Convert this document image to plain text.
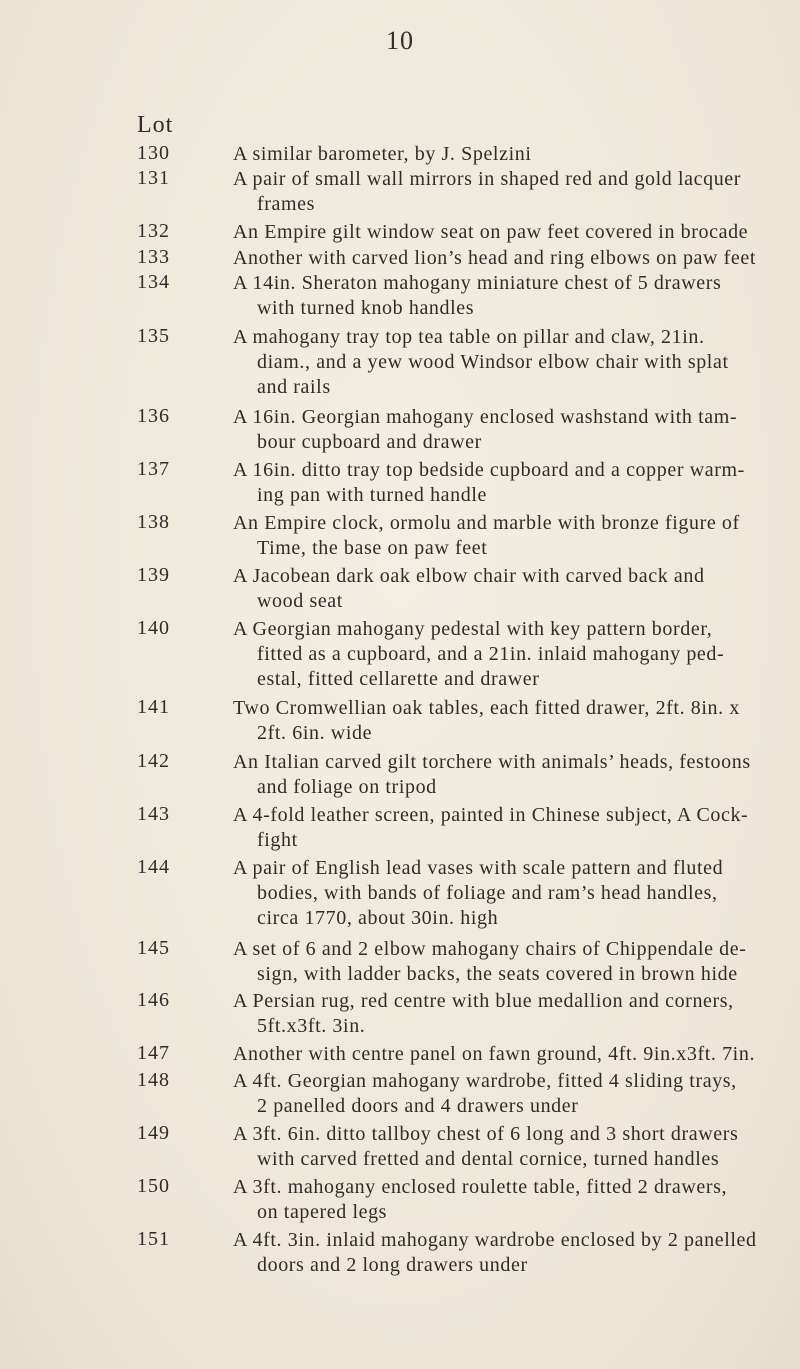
10
Lot
130	A similar barometer, by J. Spelzini
131	A pair of small wall mirrors in shaped red and gold lacquer
frames
132	An Empire gilt window seat on paw feet covered in brocade
133	Another with carved lion’s head and ring elbows on paw feet
134	A 14in. Sheraton mahogany miniature chest of 5 drawers
with turned knob handles
135	A mahogany tray top tea table on pillar and claw, 21in.
diam., and a yew wood Windsor elbow chair with splat
and rails
136	A 16in. Georgian mahogany enclosed washstand with tam-
bour cupboard and drawer
137	A 16in. ditto tray top bedside cupboard and a copper warm-
ing pan with turned handle
138	An Empire clock, ormolu and marble with bronze figure of
Time, the base on paw feet
139	A Jacobean dark oak elbow chair with carved back and
wood seat
140	A Georgian mahogany pedestal with key pattern border,
fitted as a cupboard, and a 21in. inlaid mahogany ped-
estal, fitted cellarette and drawer
141	Two Cromwellian oak tables, each fitted drawer, 2ft. 8in. x
2ft. 6in. wide
142	An Italian carved gilt torchere with animals’ heads, festoons
and foliage on tripod
143	A 4-fold leather screen, painted in Chinese subject, A Cock-
fight
144	A pair of English lead vases with scale pattern and fluted
bodies, with bands of foliage and ram’s head handles,
circa 1770, about 30in. high
145	A set of 6 and 2 elbow mahogany chairs of Chippendale de-
sign, with ladder backs, the seats covered in brown hide
146	A Persian rug, red centre with blue medallion and corners,
5ft.x3ft. 3in.
147	Another with centre panel on fawn ground, 4ft. 9in.x3ft. 7in.
148	A 4ft. Georgian mahogany wardrobe, fitted 4 sliding trays,
2 panelled doors and 4 drawers under
149	A 3ft. 6in. ditto tallboy chest of 6 long and 3 short drawers
with carved fretted and dental cornice, turned handles
150	A 3ft. mahogany enclosed roulette table, fitted 2 drawers,
on tapered legs
151	A 4ft. 3in. inlaid mahogany wardrobe enclosed by 2 panelled
doors and 2 long drawers under
